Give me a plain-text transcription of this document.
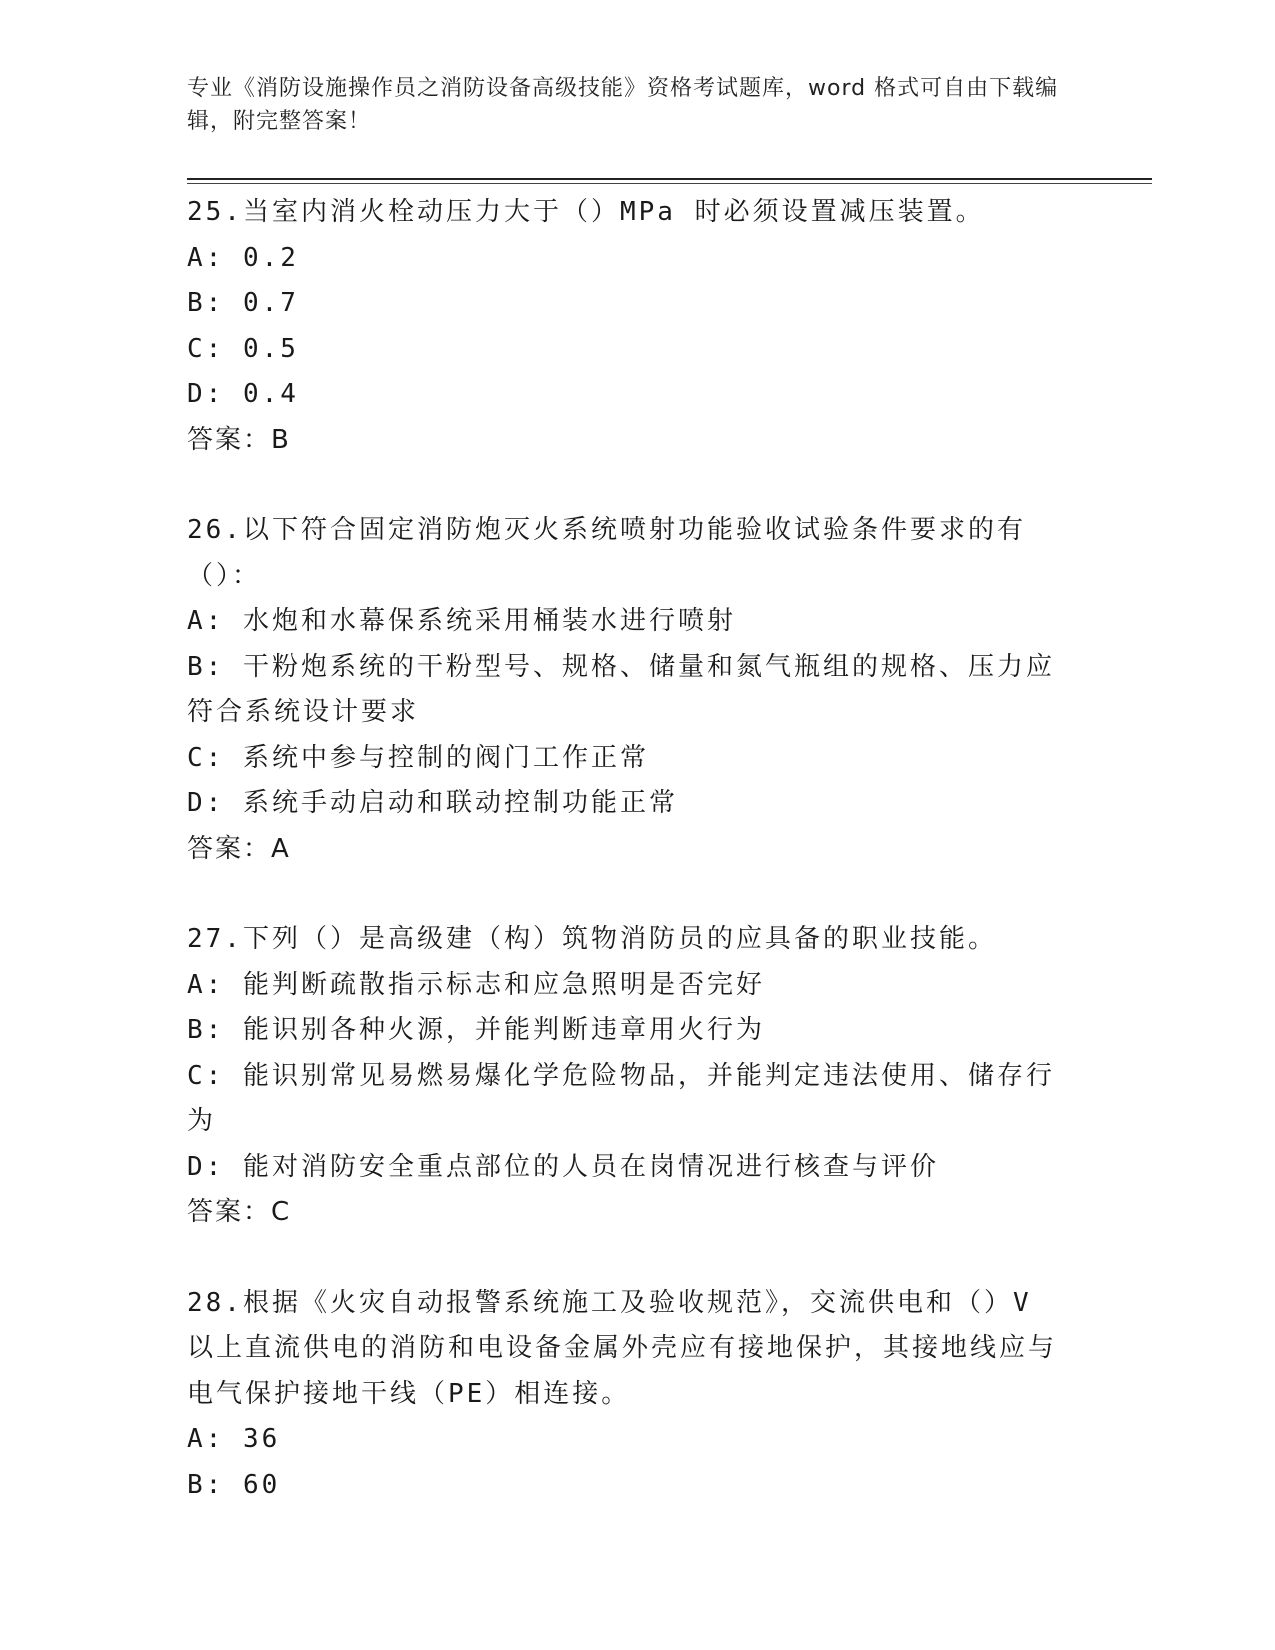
专业《消防设施操作员之消防设备高级技能》资格考试题库，word 格式可自由下载编辑，附完整答案！
25.当室内消火栓动压力大于（）MPa 时必须设置减压装置。
A: 0.2
B: 0.7
C: 0.5
D: 0.4
答案：B
26.以下符合固定消防炮灭火系统喷射功能验收试验条件要求的有（）：
A: 水炮和水幕保系统采用桶装水进行喷射
B: 干粉炮系统的干粉型号、规格、储量和氮气瓶组的规格、压力应符合系统设计要求
C: 系统中参与控制的阀门工作正常
D: 系统手动启动和联动控制功能正常
答案：A
27.下列（）是高级建（构）筑物消防员的应具备的职业技能。
A: 能判断疏散指示标志和应急照明是否完好
B: 能识别各种火源，并能判断违章用火行为
C: 能识别常见易燃易爆化学危险物品，并能判定违法使用、储存行为
D: 能对消防安全重点部位的人员在岗情况进行核查与评价
答案：C
28.根据《火灾自动报警系统施工及验收规范》，交流供电和（）V 以上直流供电的消防和电设备金属外壳应有接地保护，其接地线应与电气保护接地干线（PE）相连接。
A: 36
B: 60
